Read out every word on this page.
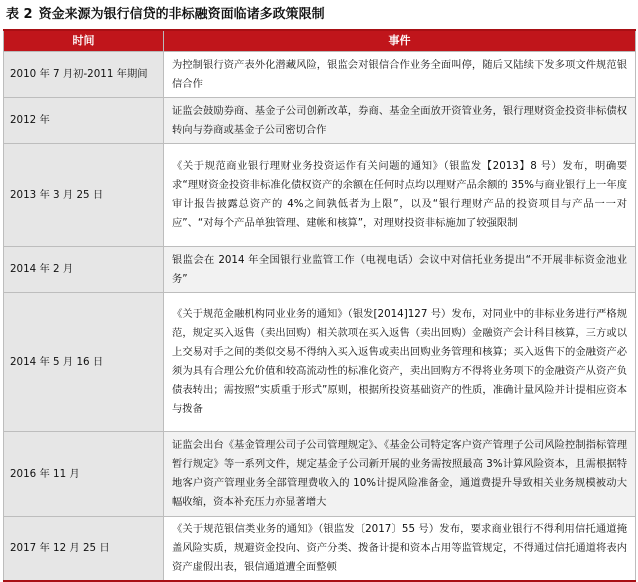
表 2 资金来源为银行信贷的非标融资面临诸多政策限制
时间	事件
2010 年 7 月初-2011 年期间	为控制银行资产表外化潜藏风险，银监会对银信合作业务全面叫停，随后又陆续下发多项文件规范银信合作
2012 年	证监会鼓励券商、基金子公司创新改革，券商、基金全面放开资管业务，银行理财资金投资非标债权转向与券商或基金子公司密切合作
2013 年 3 月 25 日	《关于规范商业银行理财业务投资运作有关问题的通知》（银监发【2013】8 号）发布，明确要求“理财资金投资非标准化债权资产的余额在任何时点均以理财产品余额的 35%与商业银行上一年度审计报告披露总资产的 4%之间孰低者为上限”，以及“银行理财产品的投资项目与产品一一对应”、“对每个产品单独管理、建帐和核算”，对理财投资非标施加了较强限制
2014 年 2 月	银监会在 2014 年全国银行业监管工作（电视电话）会议中对信托业务提出“不开展非标资金池业务”
2014 年 5 月 16 日	《关于规范金融机构同业业务的通知》（银发[2014]127 号）发布，对同业中的非标业务进行严格规范，规定买入返售（卖出回购）相关款项在买入返售（卖出回购）金融资产会计科目核算，三方或以上交易对手之间的类似交易不得纳入买入返售或卖出回购业务管理和核算；买入返售下的金融资产必须为具有合理公允价值和较高流动性的标准化资产，卖出回购方不得将业务项下的金融资产从资产负债表转出；需按照“实质重于形式”原则，根据所投资基础资产的性质，准确计量风险并计提相应资本与拨备
2016 年 11 月	证监会出台《基金管理公司子公司管理规定》、《基金公司特定客户资产管理子公司风险控制指标管理暂行规定》等一系列文件，规定基金子公司新开展的业务需按照最高 3%计算风险资本，且需根据特地客户资产管理业务全部管理费收入的 10%计提风险准备金，通道费提升导致相关业务规模被动大幅收缩，资本补充压力亦显著增大
2017 年 12 月 25 日	《关于规范银信类业务的通知》（银监发〔2017〕55 号）发布，要求商业银行不得利用信托通道掩盖风险实质，规避资金投向、资产分类、拨备计提和资本占用等监管规定，不得通过信托通道将表内资产虚假出表，银信通道遭全面整顿
